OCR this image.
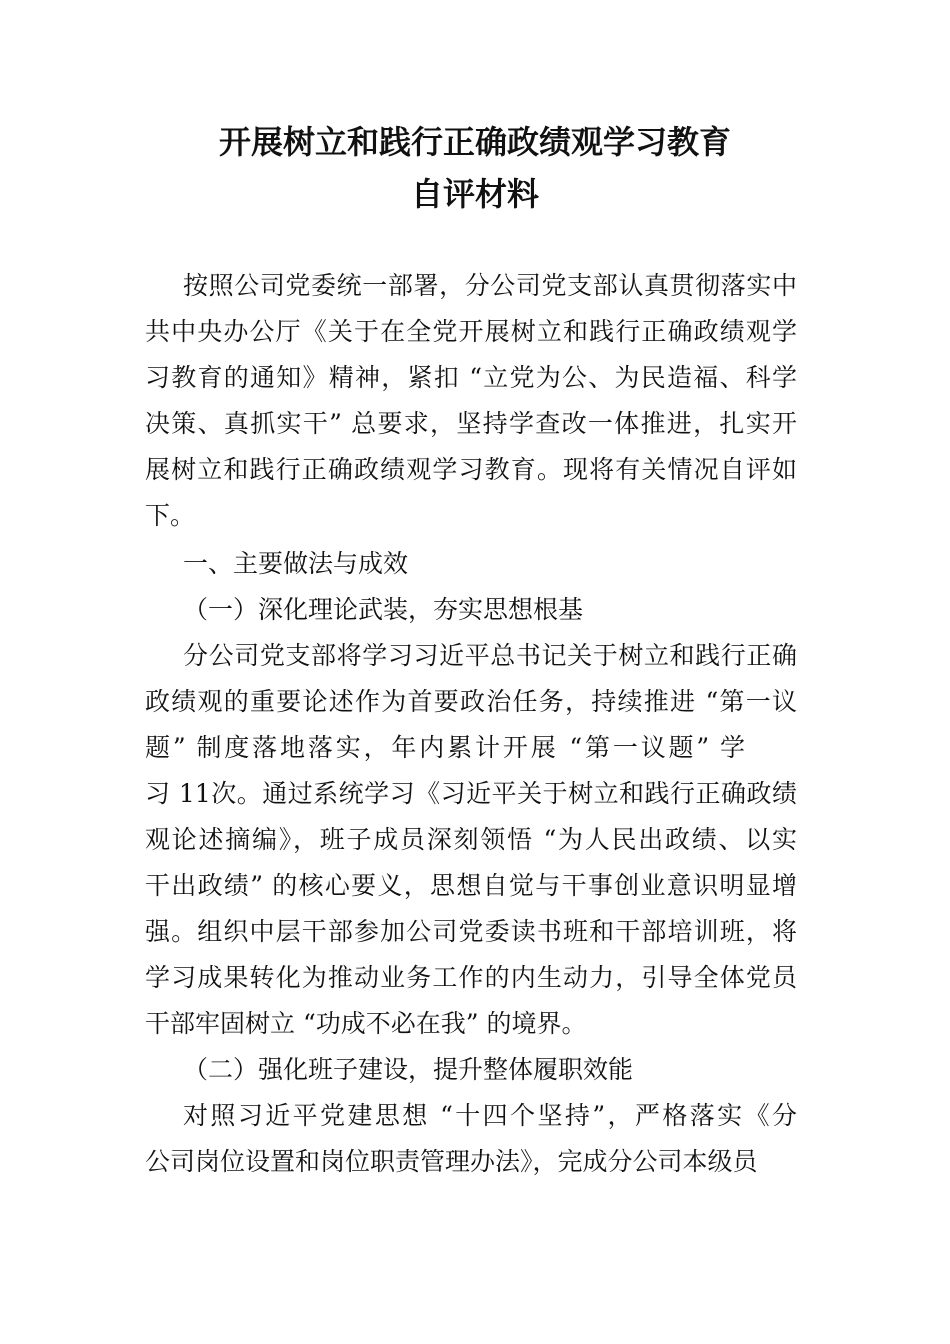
开展树立和践行正确政绩观学习教育
自评材料
按照公司党委统一部署，分公司党支部认真贯彻落实中
共中央办公厅《关于在全党开展树立和践行正确政绩观学
习教育的通知》精神，紧扣 “立党为公、为民造福、科学
决策、真抓实干” 总要求，坚持学查改一体推进，扎实开
展树立和践行正确政绩观学习教育。现将有关情况自评如
下。
一、主要做法与成效
（一）深化理论武装，夯实思想根基
分公司党支部将学习习近平总书记关于树立和践行正确
政绩观的重要论述作为首要政治任务，持续推进 “第一议
题” 制度落地落实，年内累计开展 “第一议题” 学
习 11次。通过系统学习《习近平关于树立和践行正确政绩
观论述摘编》，班子成员深刻领悟 “为人民出政绩、以实
干出政绩” 的核心要义，思想自觉与干事创业意识明显增
强。组织中层干部参加公司党委读书班和干部培训班，将
学习成果转化为推动业务工作的内生动力，引导全体党员
干部牢固树立 “功成不必在我” 的境界。
（二）强化班子建设，提升整体履职效能
对照习近平党建思想 “十四个坚持”，严格落实《分
公司岗位设置和岗位职责管理办法》，完成分公司本级员
